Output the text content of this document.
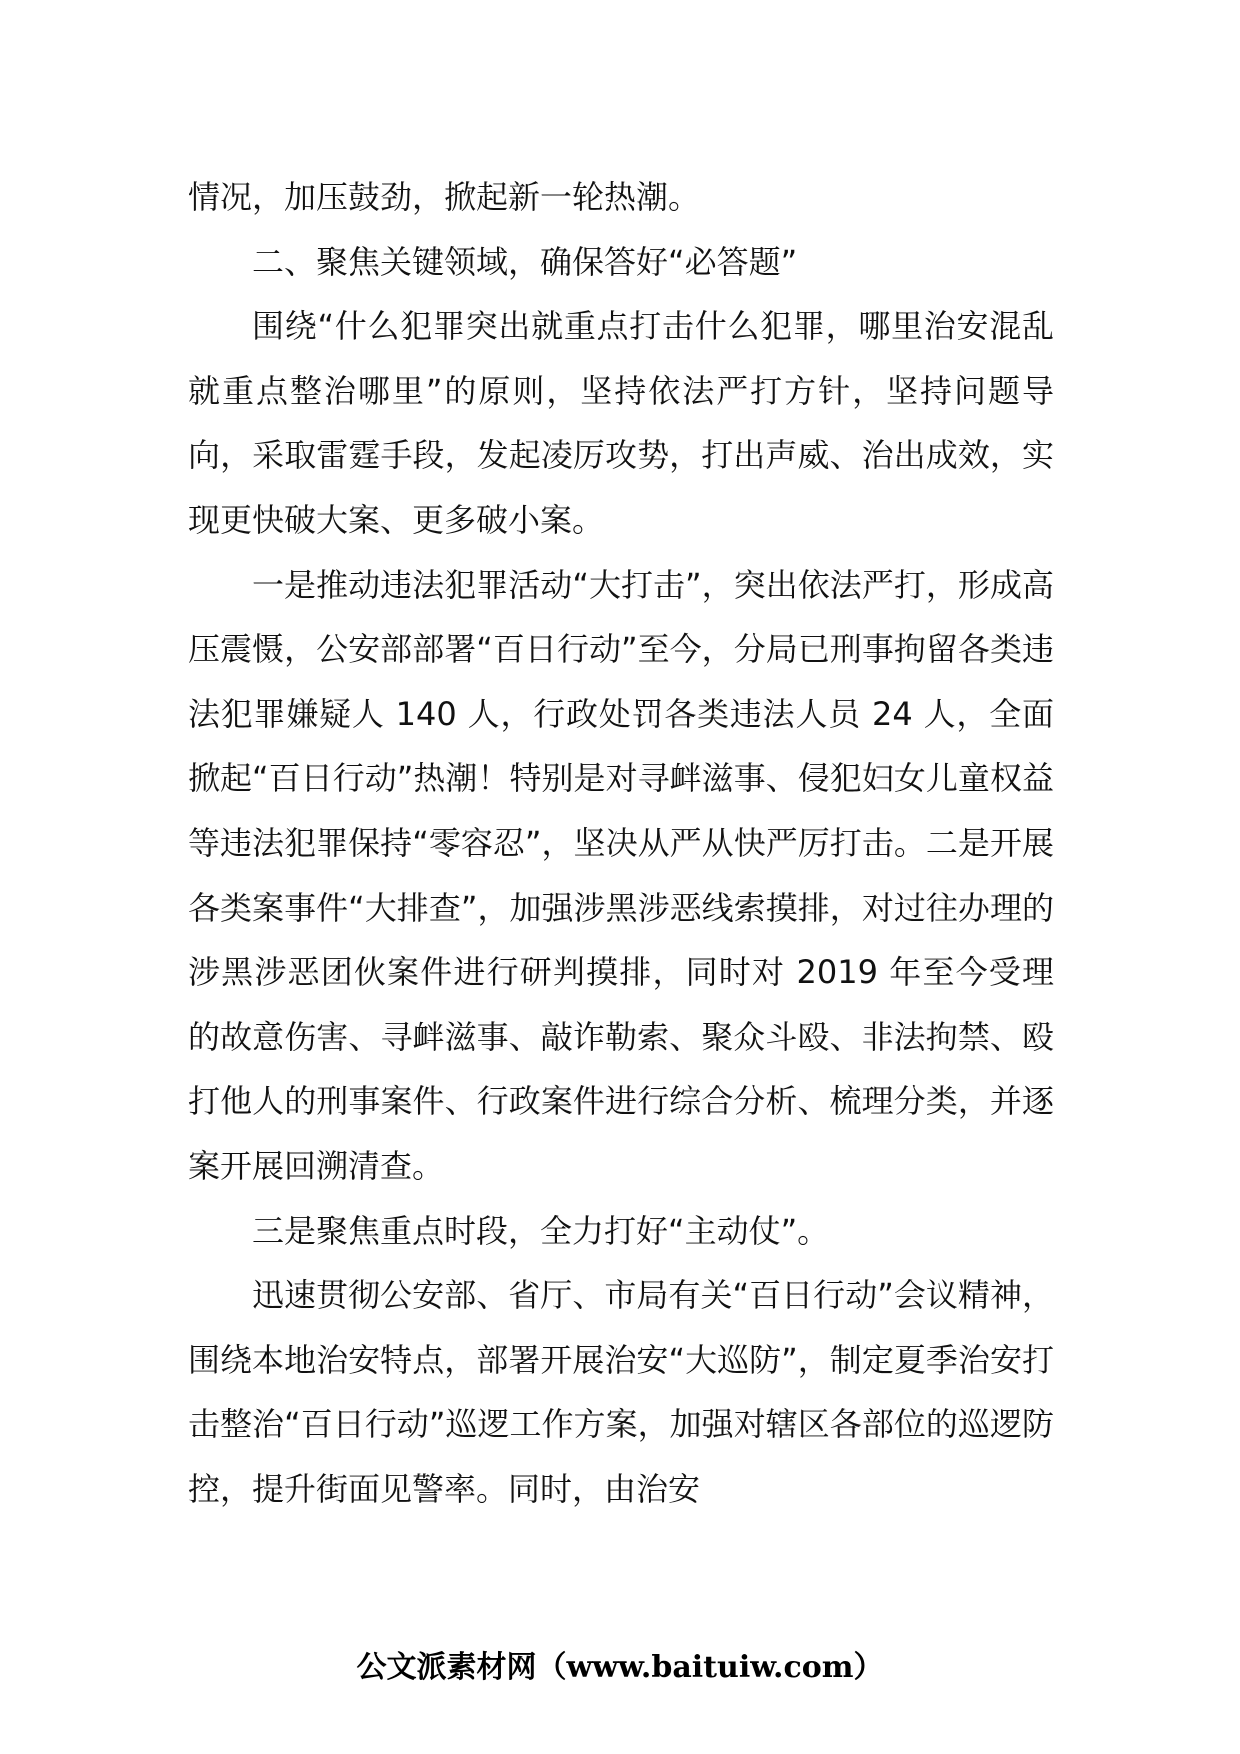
情况，加压鼓劲，掀起新一轮热潮。

二、聚焦关键领域，确保答好“必答题”

围绕“什么犯罪突出就重点打击什么犯罪，哪里治安混乱就重点整治哪里”的原则，坚持依法严打方针，坚持问题导向，采取雷霆手段，发起凌厉攻势，打出声威、治出成效，实现更快破大案、更多破小案。

一是推动违法犯罪活动“大打击”，突出依法严打，形成高压震慑，公安部部署“百日行动”至今，分局已刑事拘留各类违法犯罪嫌疑人 140 人，行政处罚各类违法人员 24 人，全面掀起“百日行动”热潮！特别是对寻衅滋事、侵犯妇女儿童权益等违法犯罪保持“零容忍”，坚决从严从快严厉打击。二是开展各类案事件“大排查”，加强涉黑涉恶线索摸排，对过往办理的涉黑涉恶团伙案件进行研判摸排，同时对 2019 年至今受理的故意伤害、寻衅滋事、敲诈勒索、聚众斗殴、非法拘禁、殴打他人的刑事案件、行政案件进行综合分析、梳理分类，并逐案开展回溯清查。

三是聚焦重点时段，全力打好“主动仗”。

迅速贯彻公安部、省厅、市局有关“百日行动”会议精神，围绕本地治安特点，部署开展治安“大巡防”，制定夏季治安打击整治“百日行动”巡逻工作方案，加强对辖区各部位的巡逻防控，提升街面见警率。同时，由治安

公文派素材网（www.baituiw.com）
